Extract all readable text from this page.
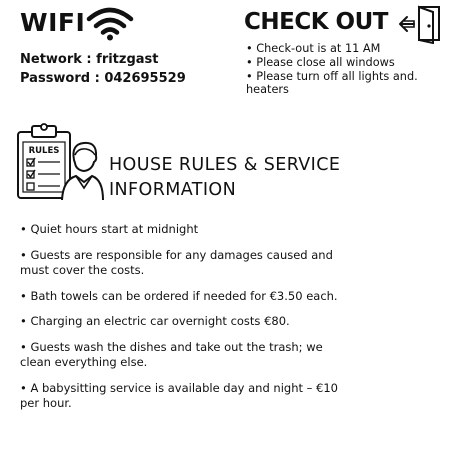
WIFI
Network : fritzgast
Password : 042695529
CHECK OUT
• Check-out is at 11 AM
• Please close all windows
• Please turn off all lights and. heaters
RULES
HOUSE RULES & SERVICE INFORMATION
• Quiet hours start at midnight
• Guests are responsible for any damages caused and must cover the costs.
• Bath towels can be ordered if needed for €3.50 each.
• Charging an electric car overnight costs €80.
• Guests wash the dishes and take out the trash; we clean everything else.
• A babysitting service is available day and night – €10 per hour.
